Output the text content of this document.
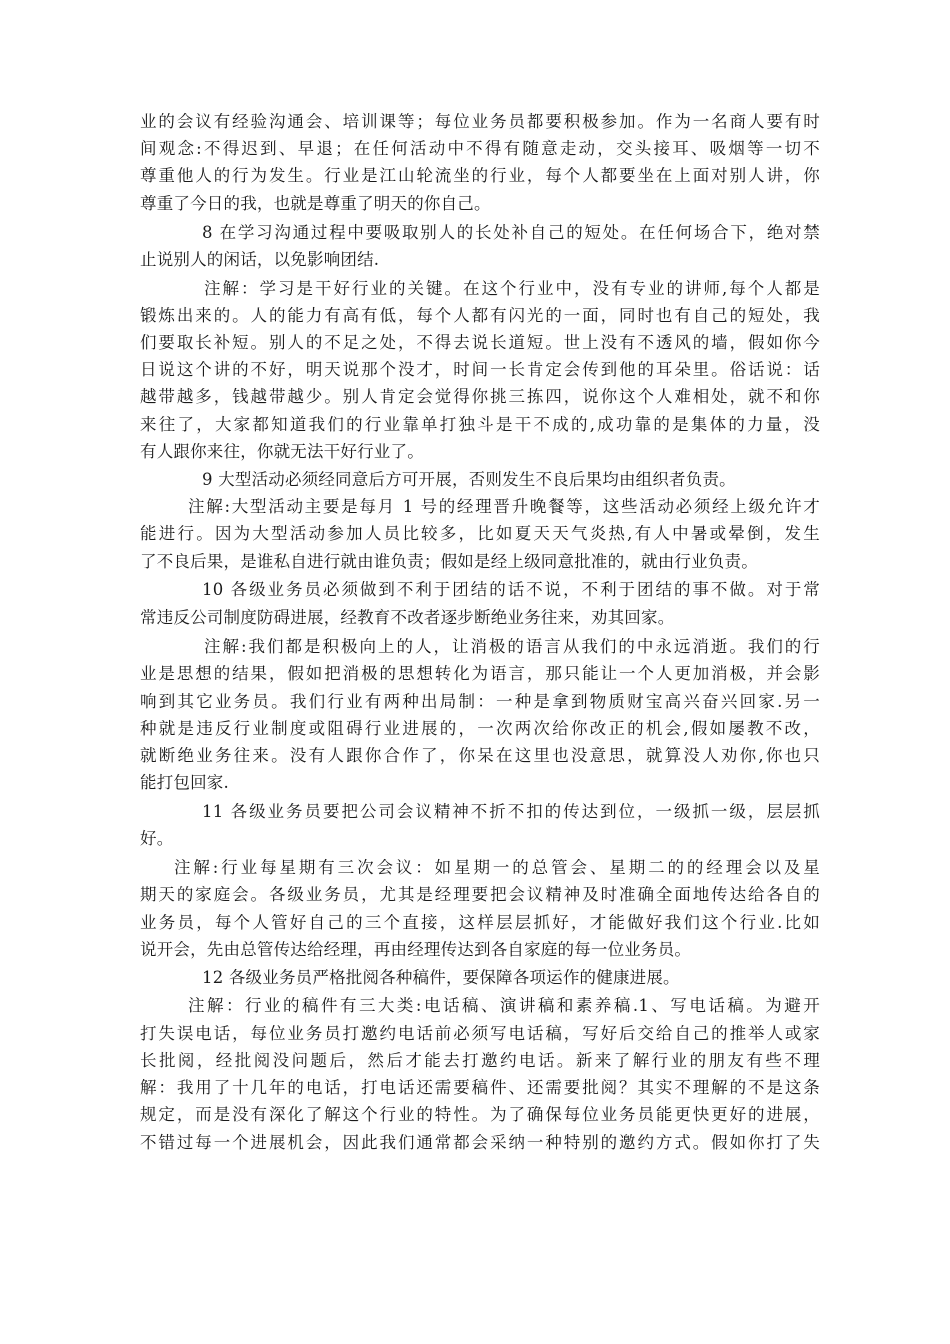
业的会议有经验沟通会、培训课等；每位业务员都要积极参加。作为一名商人要有时
间观念:不得迟到、早退；在任何活动中不得有随意走动，交头接耳、吸烟等一切不
尊重他人的行为发生。行业是江山轮流坐的行业，每个人都要坐在上面对别人讲，你
尊重了今日的我，也就是尊重了明天的你自己。
8 在学习沟通过程中要吸取别人的长处补自己的短处。在任何场合下，绝对禁
止说别人的闲话，以免影响团结.
注解：学习是干好行业的关键。在这个行业中，没有专业的讲师,每个人都是
锻炼出来的。人的能力有高有低，每个人都有闪光的一面，同时也有自己的短处，我
们要取长补短。别人的不足之处，不得去说长道短。世上没有不透风的墙，假如你今
日说这个讲的不好，明天说那个没才，时间一长肯定会传到他的耳朵里。俗话说：话
越带越多，钱越带越少。别人肯定会觉得你挑三拣四，说你这个人难相处，就不和你
来往了，大家都知道我们的行业靠单打独斗是干不成的,成功靠的是集体的力量，没
有人跟你来往，你就无法干好行业了。
9 大型活动必须经同意后方可开展，否则发生不良后果均由组织者负责。
注解:大型活动主要是每月 1 号的经理晋升晚餐等，这些活动必须经上级允许才
能进行。因为大型活动参加人员比较多，比如夏天天气炎热,有人中暑或晕倒，发生
了不良后果，是谁私自进行就由谁负责；假如是经上级同意批准的，就由行业负责。
10 各级业务员必须做到不利于团结的话不说，不利于团结的事不做。对于常
常违反公司制度防碍进展，经教育不改者逐步断绝业务往来，劝其回家。
注解:我们都是积极向上的人，让消极的语言从我们的中永远消逝。我们的行
业是思想的结果，假如把消极的思想转化为语言，那只能让一个人更加消极，并会影
响到其它业务员。我们行业有两种出局制：一种是拿到物质财宝高兴奋兴回家.另一
种就是违反行业制度或阻碍行业进展的，一次两次给你改正的机会,假如屡教不改，
就断绝业务往来。没有人跟你合作了，你呆在这里也没意思，就算没人劝你,你也只
能打包回家.
11 各级业务员要把公司会议精神不折不扣的传达到位，一级抓一级，层层抓
好。
注解:行业每星期有三次会议：如星期一的总管会、星期二的的经理会以及星
期天的家庭会。各级业务员，尤其是经理要把会议精神及时准确全面地传达给各自的
业务员，每个人管好自己的三个直接，这样层层抓好，才能做好我们这个行业.比如
说开会，先由总管传达给经理，再由经理传达到各自家庭的每一位业务员。
12 各级业务员严格批阅各种稿件，要保障各项运作的健康进展。
注解：行业的稿件有三大类:电话稿、演讲稿和素养稿.1、写电话稿。为避开
打失误电话，每位业务员打邀约电话前必须写电话稿，写好后交给自己的推举人或家
长批阅，经批阅没问题后，然后才能去打邀约电话。新来了解行业的朋友有些不理
解：我用了十几年的电话，打电话还需要稿件、还需要批阅？其实不理解的不是这条
规定，而是没有深化了解这个行业的特性。为了确保每位业务员能更快更好的进展，
不错过每一个进展机会，因此我们通常都会采纳一种特别的邀约方式。假如你打了失
